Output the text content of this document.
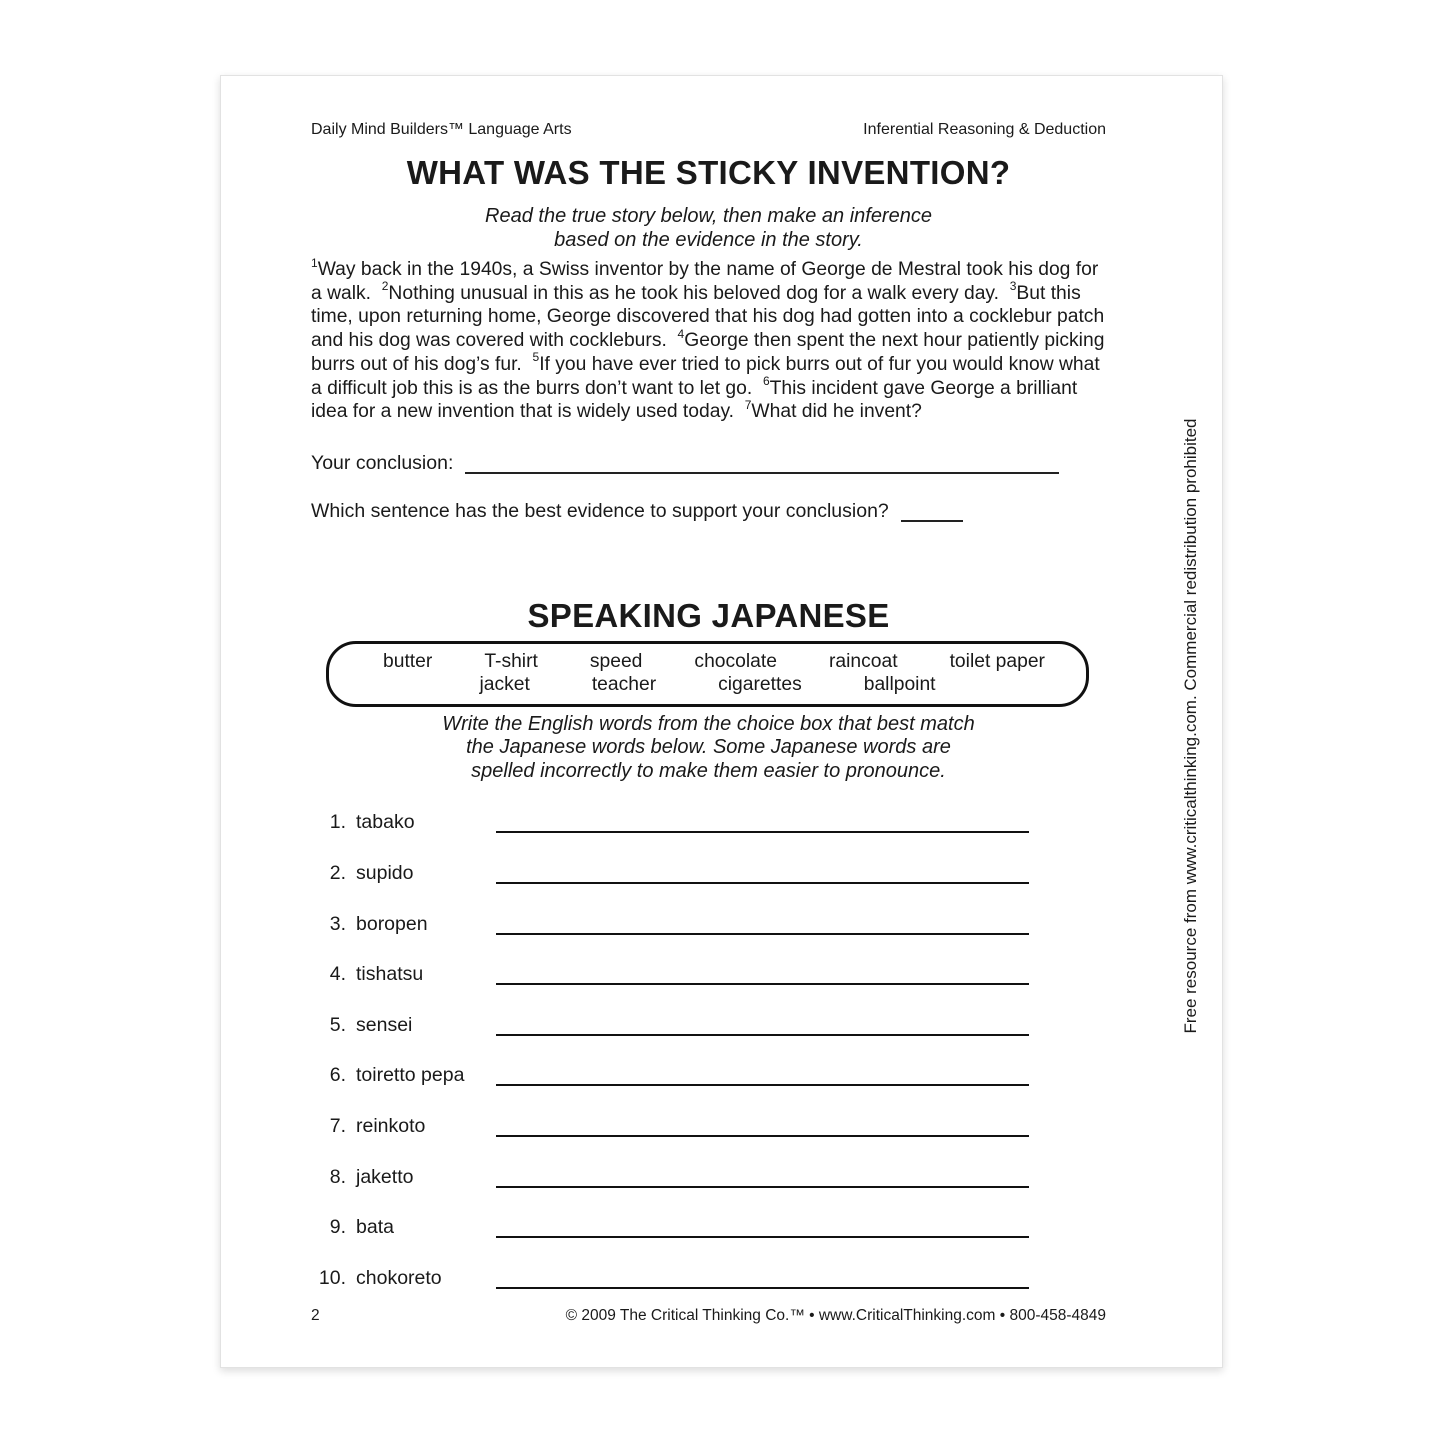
Daily Mind Builders™ Language Arts	Inferential Reasoning & Deduction
WHAT WAS THE STICKY INVENTION?
Read the true story below, then make an inference
based on the evidence in the story.
$^1$Way back in the 1940s, a Swiss inventor by the name of George de Mestral took his dog for a walk.  $^2$Nothing unusual in this as he took his beloved dog for a walk every day.  $^3$But this time, upon returning home, George discovered that his dog had gotten into a cocklebur patch and his dog was covered with cockleburs.  $^4$George then spent the next hour patiently picking burrs out of his dog’s fur.  $^5$If you have ever tried to pick burrs out of fur you would know what a difficult job this is as the burrs don’t want to let go.  $^6$This incident gave George a brilliant idea for a new invention that is widely used today.  $^7$What did he invent?
Your conclusion:
Which sentence has the best evidence to support your conclusion?
SPEAKING JAPANESE
butter	T-shirt	speed	chocolate	raincoat	toilet paper
jacket	teacher	cigarettes	ballpoint
Write the English words from the choice box that best match
the Japanese words below. Some Japanese words are
spelled incorrectly to make them easier to pronounce.
1. tabako
2. supido
3. boropen
4. tishatsu
5. sensei
6. toiretto pepa
7. reinkoto
8. jaketto
9. bata
10. chokoreto
2	© 2009 The Critical Thinking Co.™ • www.CriticalThinking.com • 800-458-4849
Free resource from www.criticalthinking.com. Commercial redistribution prohibited
